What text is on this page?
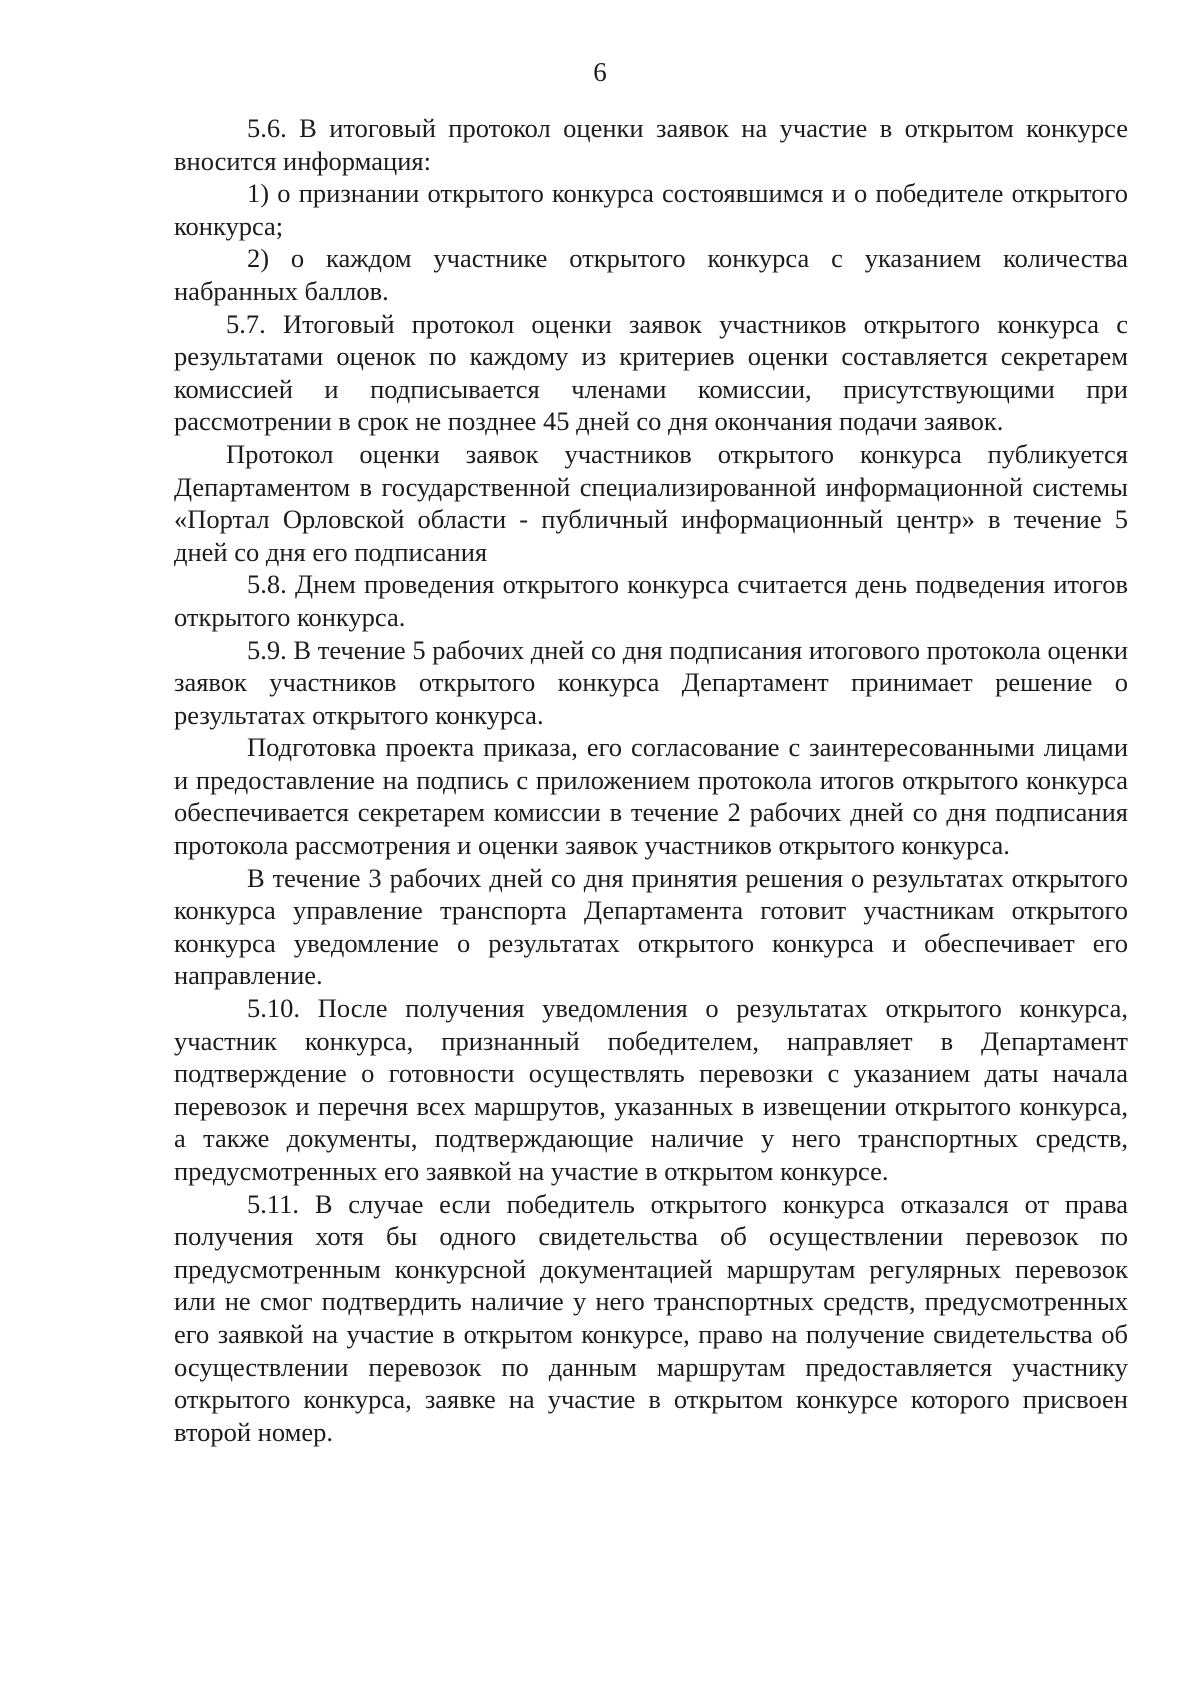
6

5.6. В итоговый протокол оценки заявок на участие в открытом конкурсе вносится информация:

1) о признании открытого конкурса состоявшимся и о победителе открытого конкурса;

2) о каждом участнике открытого конкурса с указанием количества набранных баллов.

5.7. Итоговый протокол оценки заявок участников открытого конкурса с результатами оценок по каждому из критериев оценки составляется секретарем комиссией и подписывается членами комиссии, присутствующими при рассмотрении в срок не позднее 45 дней со дня окончания подачи заявок.

Протокол оценки заявок участников открытого конкурса публикуется Департаментом в государственной специализированной информационной системы «Портал Орловской области - публичный информационный центр» в течение 5 дней со дня его подписания

5.8. Днем проведения открытого конкурса считается день подведения итогов открытого конкурса.

5.9. В течение 5 рабочих дней со дня подписания итогового протокола оценки заявок участников открытого конкурса Департамент принимает решение о результатах открытого конкурса.

Подготовка проекта приказа, его согласование с заинтересованными лицами и предоставление на подпись с приложением протокола итогов открытого конкурса обеспечивается секретарем комиссии в течение 2 рабочих дней со дня подписания протокола рассмотрения и оценки заявок участников открытого конкурса.

В течение 3 рабочих дней со дня принятия решения о результатах открытого конкурса управление транспорта Департамента готовит участникам открытого конкурса уведомление о результатах открытого конкурса и обеспечивает его направление.

5.10. После получения уведомления о результатах открытого конкурса, участник конкурса, признанный победителем, направляет в Департамент подтверждение о готовности осуществлять перевозки с указанием даты начала перевозок и перечня всех маршрутов, указанных в извещении открытого конкурса, а также документы, подтверждающие наличие у него транспортных средств, предусмотренных его заявкой на участие в открытом конкурсе.

5.11. В случае если победитель открытого конкурса отказался от права получения хотя бы одного свидетельства об осуществлении перевозок по предусмотренным конкурсной документацией маршрутам регулярных перевозок или не смог подтвердить наличие у него транспортных средств, предусмотренных его заявкой на участие в открытом конкурсе, право на получение свидетельства об осуществлении перевозок по данным маршрутам предоставляется участнику открытого конкурса, заявке на участие в открытом конкурсе которого присвоен второй номер.
